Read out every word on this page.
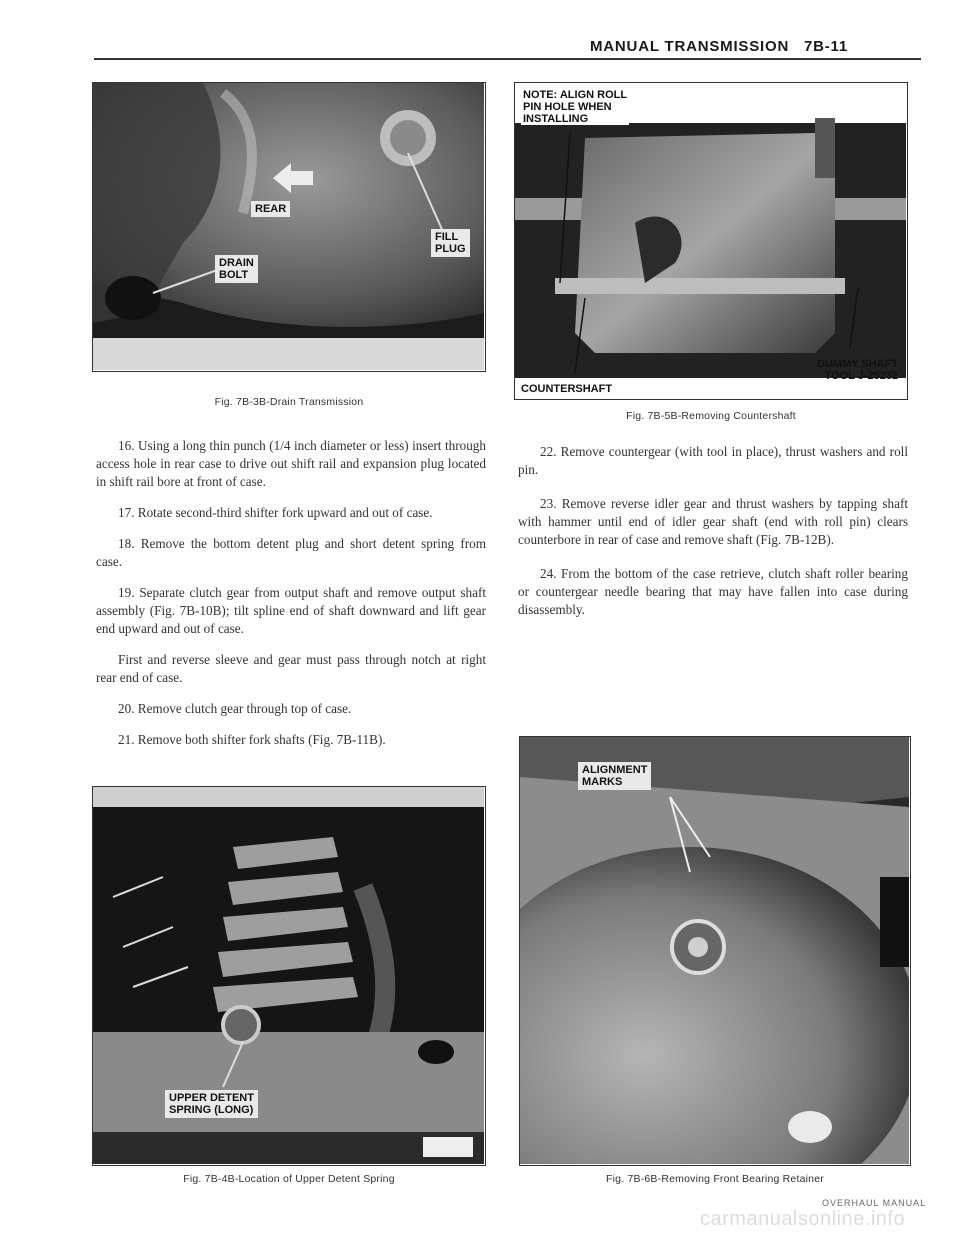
MANUAL TRANSMISSION   7B-11
REAR
DRAIN
BOLT
FILL
PLUG
Fig. 7B-3B-Drain Transmission
NOTE: ALIGN ROLL
PIN HOLE WHEN
INSTALLING
DUMMY SHAFT
TOOL J-25232
COUNTERSHAFT
Fig. 7B-5B-Removing Countershaft

16. Using a long thin punch (1/4 inch diameter or less) insert through access hole in rear case to drive out shift rail and expansion plug located in shift rail bore at front of case.

17. Rotate second-third shifter fork upward and out of case.

18. Remove the bottom detent plug and short detent spring from case.

19. Separate clutch gear from output shaft and remove output shaft assembly (Fig. 7B-10B); tilt spline end of shaft downward and lift gear end upward and out of case.

First and reverse sleeve and gear must pass through notch at right rear end of case.

20. Remove clutch gear through top of case.

21. Remove both shifter fork shafts (Fig. 7B-11B).

22. Remove countergear (with tool in place), thrust washers and roll pin.

23. Remove reverse idler gear and thrust washers by tapping shaft with hammer until end of idler gear shaft (end with roll pin) clears counterbore in rear of case and remove shaft (Fig. 7B-12B).

24. From the bottom of the case retrieve, clutch shaft roller bearing or countergear needle bearing that may have fallen into case during disassembly.

UPPER DETENT
SPRING (LONG)
Fig. 7B-4B-Location of Upper Detent Spring
ALIGNMENT
MARKS
Fig. 7B-6B-Removing Front Bearing Retainer
OVERHAUL MANUAL
carmanualsonline.info
